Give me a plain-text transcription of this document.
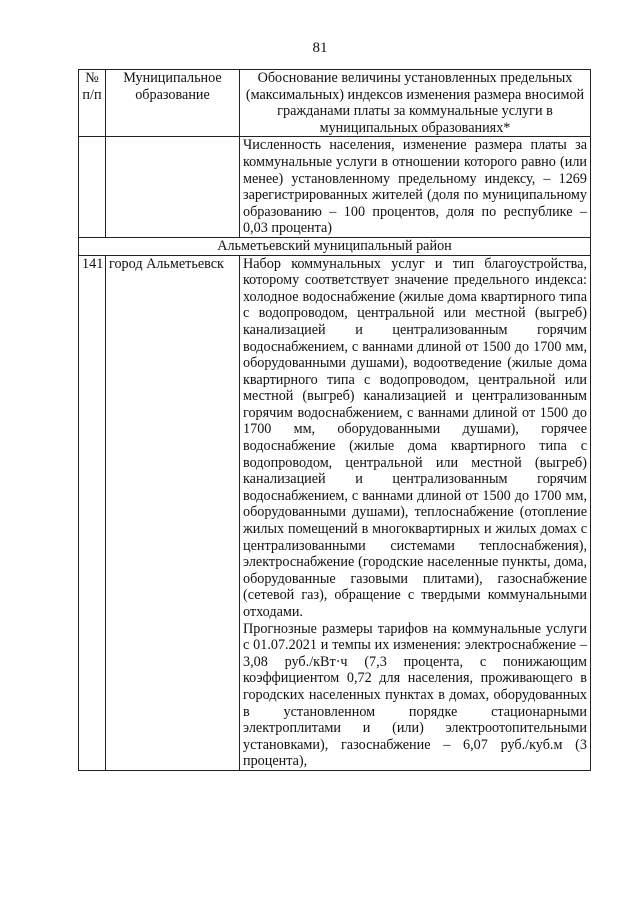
81
№ п/п	Муниципальное образование	Обоснование величины установленных предельных (максимальных) индексов изменения размера вносимой гражданами платы за коммунальные услуги в муниципальных образованиях*
		Численность населения, изменение размера платы за коммунальные услуги в отношении которого равно (или менее) установленному предельному индексу, – 1269 зарегистрированных жителей (доля по муниципальному образованию – 100 процентов, доля по республике – 0,03 процента)
Альметьевский муниципальный район		
141	город Альметьевск	Набор коммунальных услуг и тип благоустройства, которому соответствует значение предельного индекса: холодное водоснабжение (жилые дома квартирного типа с водопроводом, центральной или местной (выгреб) канализацией и централизованным горячим водоснабжением, с ваннами длиной от 1500 до 1700 мм, оборудованными душами), водоотведение (жилые дома квартирного типа с водопроводом, центральной или местной (выгреб) канализацией и централизованным горячим водоснабжением, с ваннами длиной от 1500 до 1700 мм, оборудованными душами), горячее водоснабжение (жилые дома квартирного типа с водопроводом, центральной или местной (выгреб) канализацией и централизованным горячим водоснабжением, с ваннами длиной от 1500 до 1700 мм, оборудованными душами), теплоснабжение (отопление жилых помещений в многоквартирных и жилых домах с централизованными системами теплоснабжения), электроснабжение (городские населенные пункты, дома, оборудованные газовыми плитами), газоснабжение (сетевой газ), обращение с твердыми коммунальными отходами.
Прогнозные размеры тарифов на коммунальные услуги с 01.07.2021 и темпы их изменения: электроснабжение – 3,08 руб./кВт·ч (7,3 процента, с понижающим коэффициентом 0,72 для населения, проживающего в городских населенных пунктах в домах, оборудованных в установленном порядке стационарными электроплитами и (или) электроотопительными установками), газоснабжение – 6,07 руб./куб.м (3 процента),
